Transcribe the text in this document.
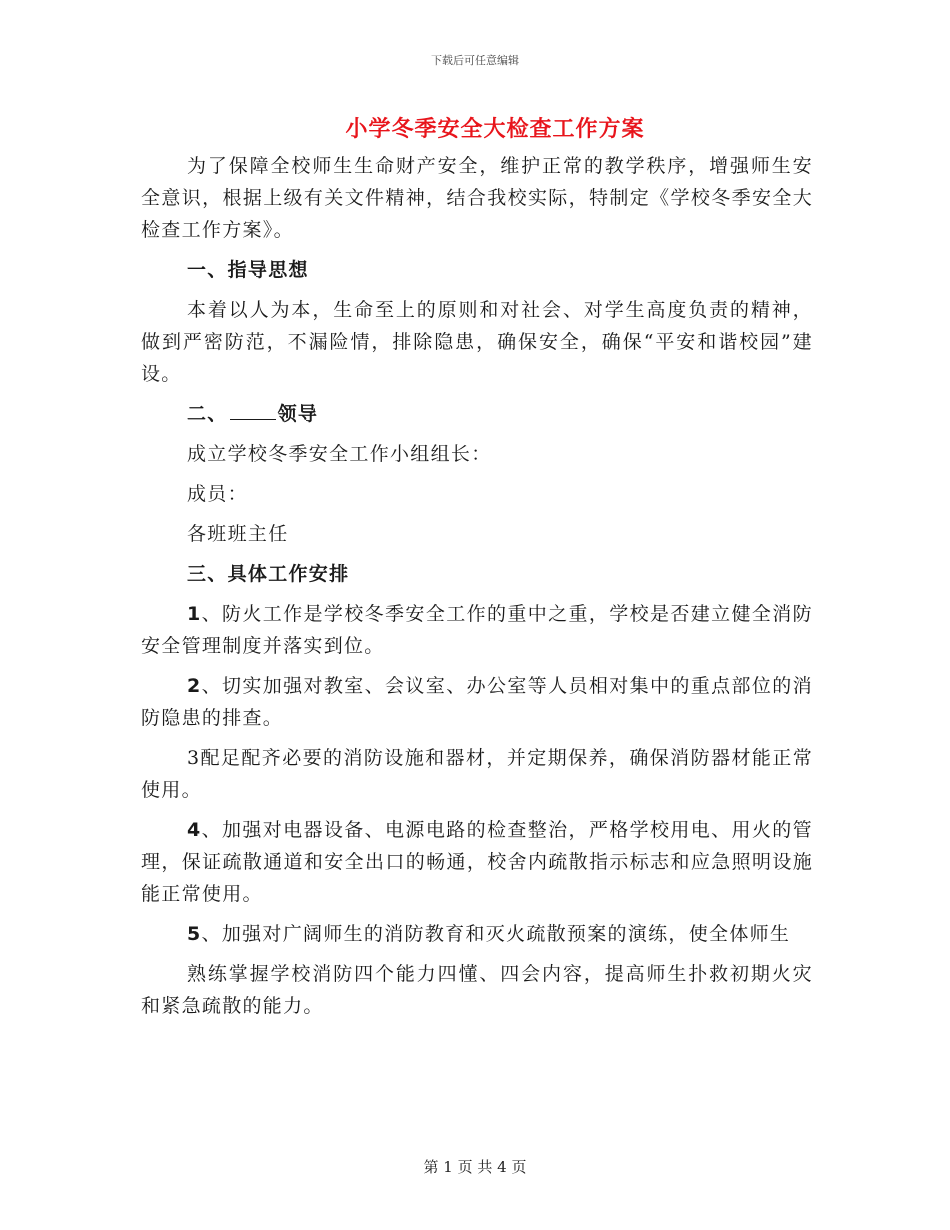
下载后可任意编辑
小学冬季安全大检查工作方案

为了保障全校师生生命财产安全，维护正常的教学秩序，增强师生安全意识，根据上级有关文件精神，结合我校实际，特制定《学校冬季安全大检查工作方案》。

一、指导思想

本着以人为本，生命至上的原则和对社会、对学生高度负责的精神，做到严密防范，不漏险情，排除隐患，确保安全，确保“平安和谐校园”建设。

二、	领导

成立学校冬季安全工作小组组长：

成员：

各班班主任

三、具体工作安排

1、防火工作是学校冬季安全工作的重中之重，学校是否建立健全消防安全管理制度并落实到位。

2、切实加强对教室、会议室、办公室等人员相对集中的重点部位的消防隐患的排查。

3配足配齐必要的消防设施和器材，并定期保养，确保消防器材能正常使用。

4、加强对电器设备、电源电路的检查整治，严格学校用电、用火的管理，保证疏散通道和安全出口的畅通，校舍内疏散指示标志和应急照明设施能正常使用。

5、加强对广阔师生的消防教育和灭火疏散预案的演练，使全体师生

熟练掌握学校消防四个能力四懂、四会内容，提高师生扑救初期火灾和紧急疏散的能力。

第 1 页 共 4 页
